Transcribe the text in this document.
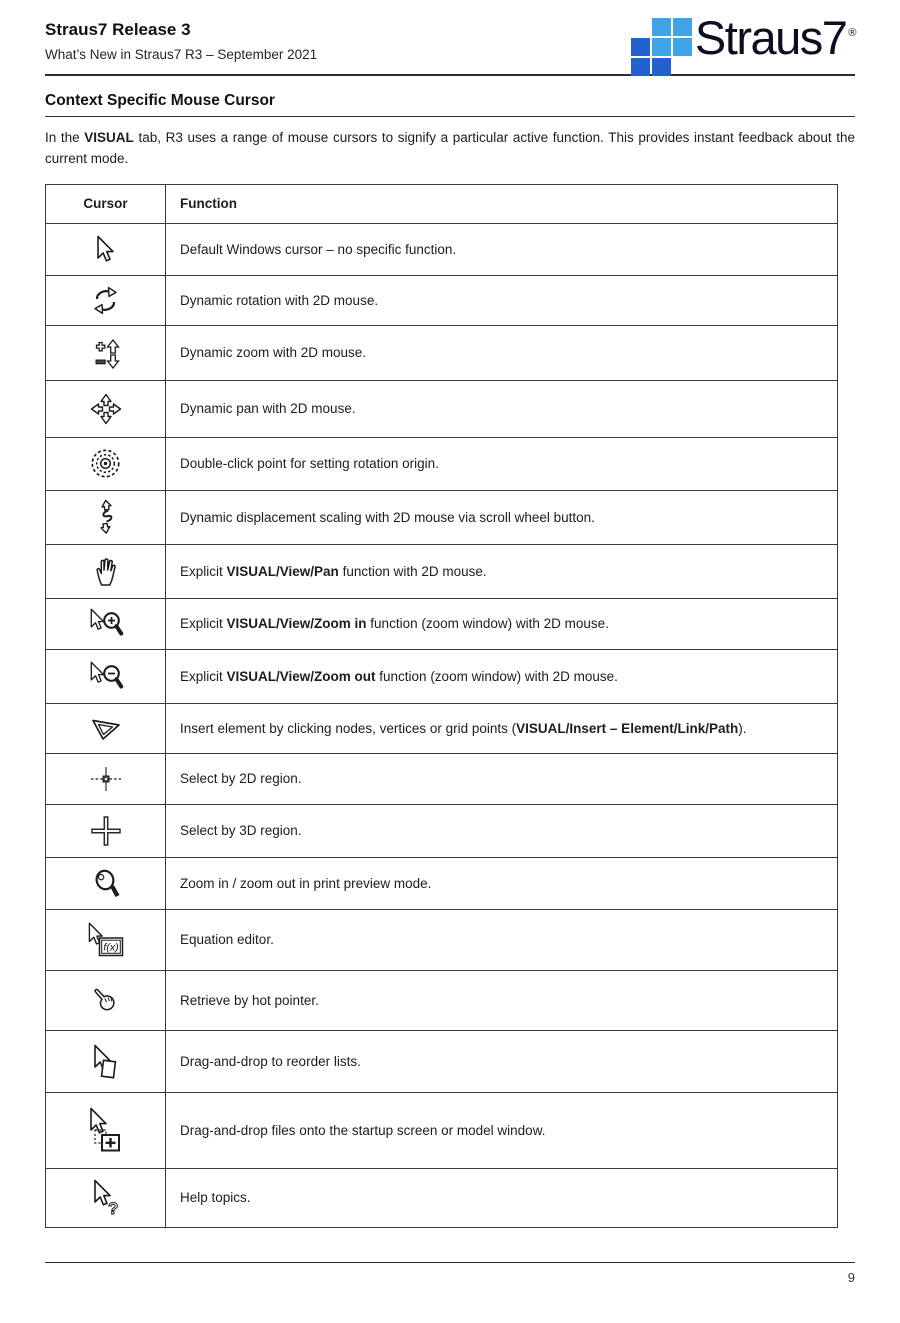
Straus7 Release 3
What’s New in Straus7 R3 – September 2021	Straus7 ®
Context Specific Mouse Cursor

In the VISUAL tab, R3 uses a range of mouse cursors to signify a particular active function. This provides instant feedback about the current mode.

Cursor	Function

	Default Windows cursor – no specific function.

	Dynamic rotation with 2D mouse.

	Dynamic zoom with 2D mouse.

	Dynamic pan with 2D mouse.

	Double-click point for setting rotation origin.

	Dynamic displacement scaling with 2D mouse via scroll wheel button.

	Explicit VISUAL/View/Pan function with 2D mouse.

	Explicit VISUAL/View/Zoom in function (zoom window) with 2D mouse.

	Explicit VISUAL/View/Zoom out function (zoom window) with 2D mouse.

	Insert element by clicking nodes, vertices or grid points (VISUAL/Insert – Element/Link/Path).

	Select by 2D region.

	Select by 3D region.

	Zoom in / zoom out in print preview mode.

f(x)	Equation editor.

	Retrieve by hot pointer.

	Drag-and-drop to reorder lists.

	Drag-and-drop files onto the startup screen or model window.

?	Help topics.
9
